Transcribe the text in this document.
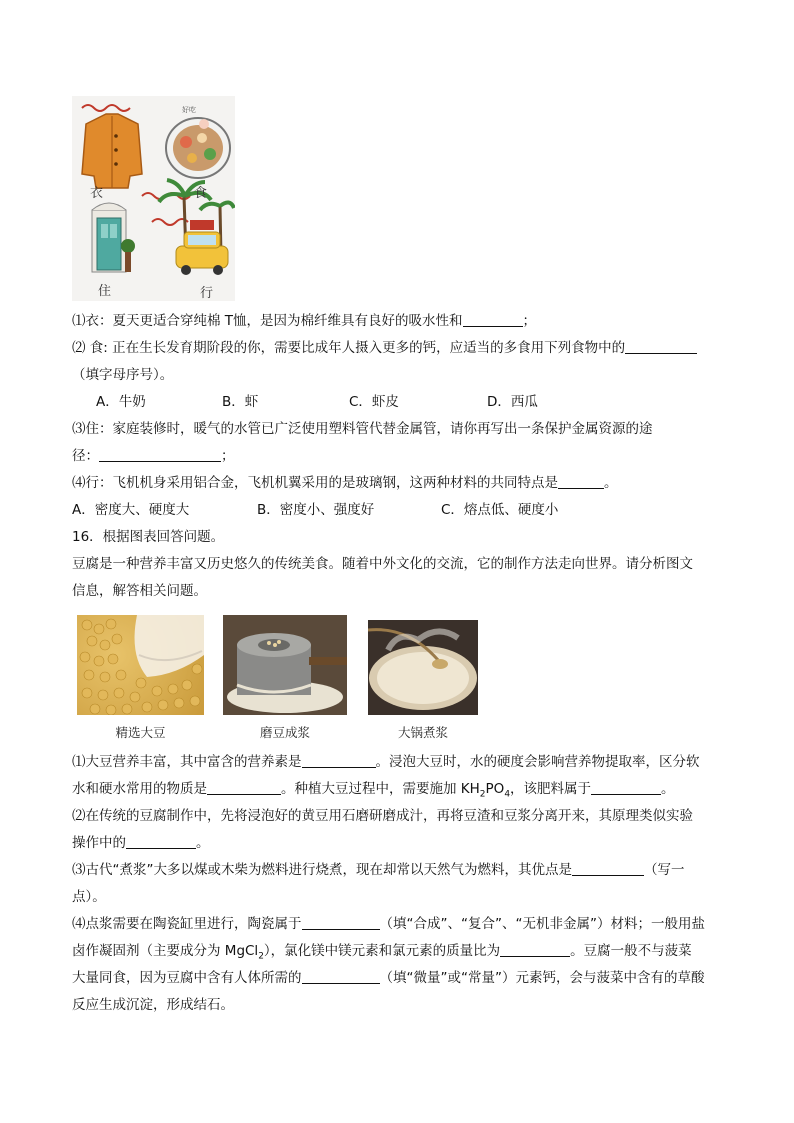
好吃
衣	食
住	行
⑴衣：夏天更适合穿纯棉 T恤，是因为棉纤维具有良好的吸水性和	；
⑵ 食: 正在生长发育期阶段的你，需要比成年人摄入更多的钙，应适当的多食用下列食物中的
（填字母序号）。
A．牛奶	B．虾	C．虾皮	D．西瓜
⑶住：家庭装修时，暖气的水管已广泛使用塑料管代替金属管，请你再写出一条保护金属资源的途
径：	；
⑷行：飞机机身采用铝合金，飞机机翼采用的是玻璃钢，这两种材料的共同特点是	。
A．密度大、硬度大	B．密度小、强度好	C．熔点低、硬度小
16．根据图表回答问题。
豆腐是一种营养丰富又历史悠久的传统美食。随着中外文化的交流，它的制作方法走向世界。请分析图文
信息，解答相关问题。
精选大豆	磨豆成浆	大锅煮浆
⑴大豆营养丰富，其中富含的营养素是	。浸泡大豆时，水的硬度会影响营养物提取率，区分软
水和硬水常用的物质是	。种植大豆过程中，需要施加 $KH_2PO_4$，该肥料属于	。
⑵在传统的豆腐制作中，先将浸泡好的黄豆用石磨研磨成汁，再将豆渣和豆浆分离开来，其原理类似实验
操作中的	。
⑶古代“煮浆”大多以煤或木柴为燃料进行烧煮，现在却常以天然气为燃料，其优点是	（写一
点）。
⑷点浆需要在陶瓷缸里进行，陶瓷属于	（填“合成”、“复合”、“无机非金属”）材料；一般用盐
卤作凝固剂（主要成分为 MgCl$_2$），氯化镁中镁元素和氯元素的质量比为	。豆腐一般不与菠菜
大量同食，因为豆腐中含有人体所需的	（填“微量”或“常量”）元素钙，会与菠菜中含有的草酸
反应生成沉淀，形成结石。
